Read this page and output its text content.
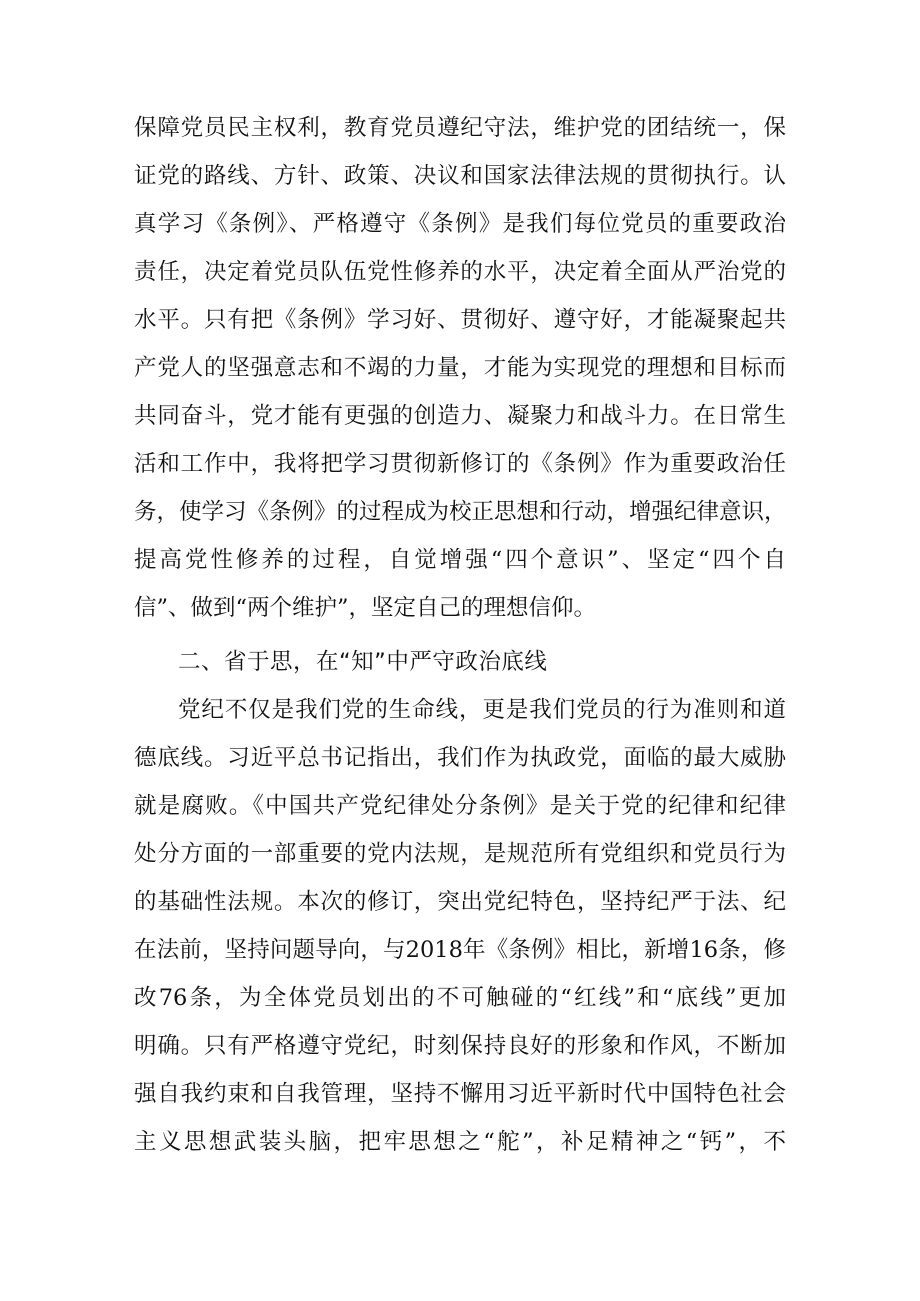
保障党员民主权利，教育党员遵纪守法，维护党的团结统一，保
证党的路线、方针、政策、决议和国家法律法规的贯彻执行。认
真学习《条例》、严格遵守《条例》是我们每位党员的重要政治
责任，决定着党员队伍党性修养的水平，决定着全面从严治党的
水平。只有把《条例》学习好、贯彻好、遵守好，才能凝聚起共
产党人的坚强意志和不竭的力量，才能为实现党的理想和目标而
共同奋斗，党才能有更强的创造力、凝聚力和战斗力。在日常生
活和工作中，我将把学习贯彻新修订的《条例》作为重要政治任
务，使学习《条例》的过程成为校正思想和行动，增强纪律意识，
提高党性修养的过程，自觉增强“四个意识”、坚定“四个自
信”、做到“两个维护”，坚定自己的理想信仰。
二、省于思，在“知”中严守政治底线
党纪不仅是我们党的生命线，更是我们党员的行为准则和道
德底线。习近平总书记指出，我们作为执政党，面临的最大威胁
就是腐败。《中国共产党纪律处分条例》是关于党的纪律和纪律
处分方面的一部重要的党内法规，是规范所有党组织和党员行为
的基础性法规。本次的修订，突出党纪特色，坚持纪严于法、纪
在法前，坚持问题导向，与2018年《条例》相比，新增16条，修
改76条，为全体党员划出的不可触碰的“红线”和“底线”更加
明确。只有严格遵守党纪，时刻保持良好的形象和作风，不断加
强自我约束和自我管理，坚持不懈用习近平新时代中国特色社会
主义思想武装头脑，把牢思想之“舵”，补足精神之“钙”，不
